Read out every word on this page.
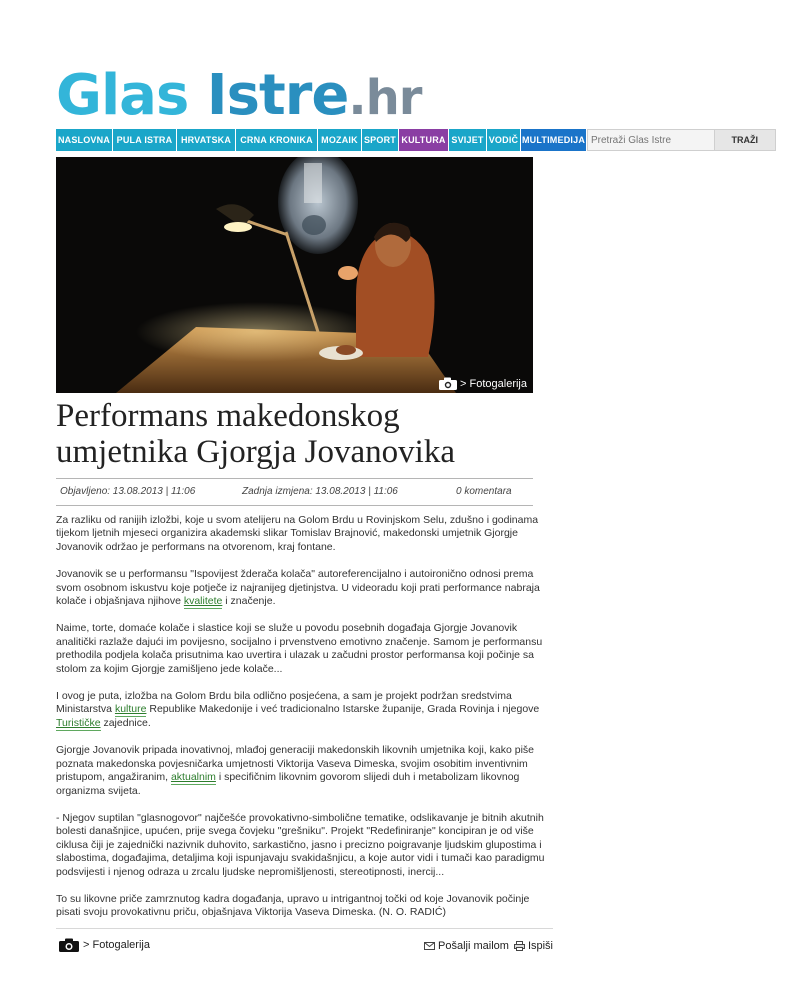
Glas Istre.hr
NASLOVNA PULA ISTRA HRVATSKA	CRNA KRONIKA MOZAIK SPORT KULTURA SVIJET VODIČ MULTIMEDIJA
Pretraži Glas Istre	TRAŽI
> Fotogalerija
Performans makedonskog umjetnika Gjorgja Jovanovika
Objavljeno: 13.08.2013 | 11:06	Zadnja izmjena: 13.08.2013 | 11:06	0 komentara

Za razliku od ranijih izložbi, koje u svom atelijeru na Golom Brdu u Rovinjskom Selu, zdušno i godinama tijekom ljetnih mjeseci organizira akademski slikar Tomislav Brajnović, makedonski umjetnik Gjorgje Jovanovik održao je performans na otvorenom, kraj fontane.

Jovanovik se u performansu "Ispovijest žderača kolača" autoreferencijalno i autoironično odnosi prema svom osobnom iskustvu koje potječe iz najranijeg djetinjstva. U videoradu koji prati performance nabraja kolače i objašnjava njihove kvalitete i značenje.

Naime, torte, domaće kolače i slastice koji se služe u povodu posebnih događaja Gjorgje Jovanovik analitički razlaže dajući im povijesno, socijalno i prvenstveno emotivno značenje. Samom je performansu prethodila podjela kolača prisutnima kao uvertira i ulazak u začudni prostor performansa koji počinje sa stolom za kojim Gjorgje zamišljeno jede kolače...

I ovog je puta, izložba na Golom Brdu bila odlično posjećena, a sam je projekt podržan sredstvima Ministarstva kulture Republike Makedonije i već tradicionalno Istarske županije, Grada Rovinja i njegove Turističke zajednice.

Gjorgje Jovanovik pripada inovativnoj, mlađoj generaciji makedonskih likovnih umjetnika koji, kako piše poznata makedonska povjesničarka umjetnosti Viktorija Vaseva Dimeska, svojim osobitim inventivnim pristupom, angažiranim, aktualnim i specifičnim likovnim govorom slijedi duh i metabolizam likovnog organizma svijeta.

- Njegov suptilan "glasnogovor" najčešće provokativno-simbolične tematike, odslikavanje je bitnih akutnih bolesti današnjice, upućen, prije svega čovjeku "grešniku". Projekt "Redefiniranje" koncipiran je od više ciklusa čiji je zajednički nazivnik duhovito, sarkastično, jasno i precizno poigravanje ljudskim glupostima i slabostima, događajima, detaljima koji ispunjavaju svakidašnjicu, a koje autor vidi i tumači kao paradigmu podsvijesti i njenog odraza u zrcalu ljudske nepromišljenosti, stereotipnosti, inercij...

To su likovne priče zamrznutog kadra događanja, upravo u intrigantnoj točki od koje Jovanovik počinje pisati svoju provokativnu priču, objašnjava Viktorija Vaseva Dimeska. (N. O. RADIĆ)

> Fotogalerija	Pošalji mailom Ispiši
